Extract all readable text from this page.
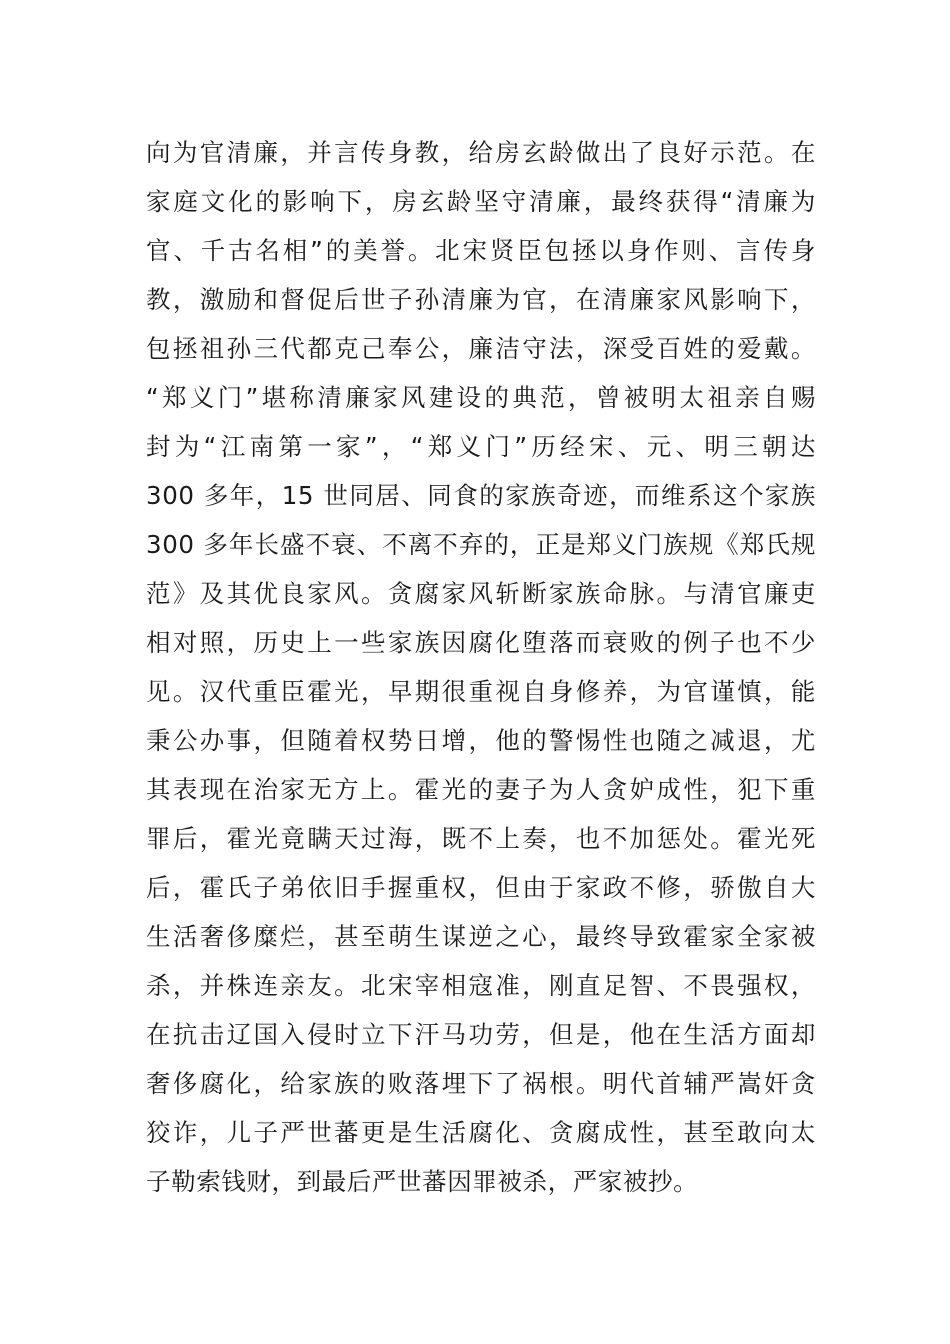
向为官清廉，并言传身教，给房玄龄做出了良好示范。在
家庭文化的影响下，房玄龄坚守清廉，最终获得“清廉为
官、千古名相”的美誉。北宋贤臣包拯以身作则、言传身
教，激励和督促后世子孙清廉为官，在清廉家风影响下，
包拯祖孙三代都克己奉公，廉洁守法，深受百姓的爱戴。
“郑义门”堪称清廉家风建设的典范，曾被明太祖亲自赐
封为“江南第一家”，“郑义门”历经宋、元、明三朝达
300 多年，15 世同居、同食的家族奇迹，而维系这个家族
300 多年长盛不衰、不离不弃的，正是郑义门族规《郑氏规
范》及其优良家风。贪腐家风斩断家族命脉。与清官廉吏
相对照，历史上一些家族因腐化堕落而衰败的例子也不少
见。汉代重臣霍光，早期很重视自身修养，为官谨慎，能
秉公办事，但随着权势日增，他的警惕性也随之减退，尤
其表现在治家无方上。霍光的妻子为人贪妒成性，犯下重
罪后，霍光竟瞒天过海，既不上奏，也不加惩处。霍光死
后，霍氏子弟依旧手握重权，但由于家政不修，骄傲自大
生活奢侈糜烂，甚至萌生谋逆之心，最终导致霍家全家被
杀，并株连亲友。北宋宰相寇准，刚直足智、不畏强权，
在抗击辽国入侵时立下汗马功劳，但是，他在生活方面却
奢侈腐化，给家族的败落埋下了祸根。明代首辅严嵩奸贪
狡诈，儿子严世蕃更是生活腐化、贪腐成性，甚至敢向太
子勒索钱财，到最后严世蕃因罪被杀，严家被抄。
